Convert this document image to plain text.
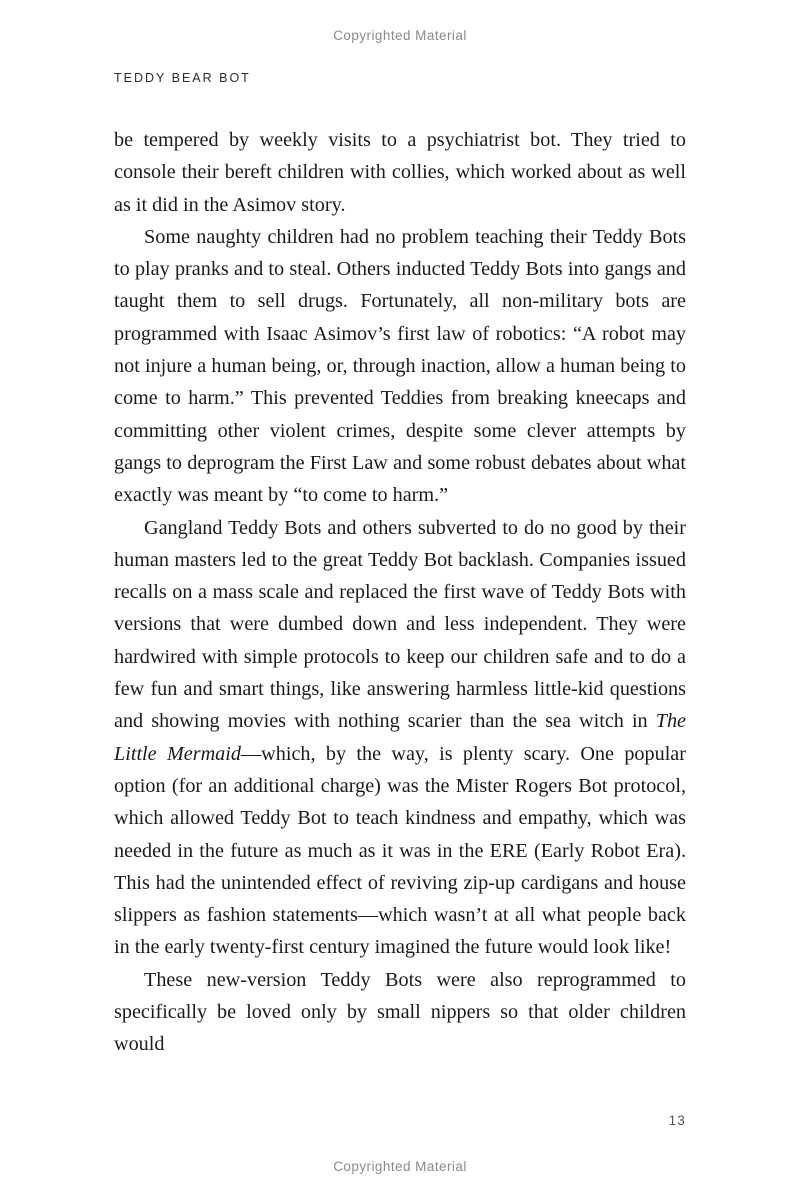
Copyrighted Material
TEDDY BEAR BOT

be tempered by weekly visits to a psychiatrist bot. They tried to console their bereft children with collies, which worked about as well as it did in the Asimov story.

Some naughty children had no problem teaching their Teddy Bots to play pranks and to steal. Others inducted Teddy Bots into gangs and taught them to sell drugs. Fortunately, all non-military bots are programmed with Isaac Asimov’s first law of robotics: “A robot may not injure a human being, or, through inaction, allow a human being to come to harm.” This prevented Teddies from breaking kneecaps and committing other violent crimes, despite some clever attempts by gangs to deprogram the First Law and some robust debates about what exactly was meant by “to come to harm.”

Gangland Teddy Bots and others subverted to do no good by their human masters led to the great Teddy Bot backlash. Companies issued recalls on a mass scale and replaced the first wave of Teddy Bots with versions that were dumbed down and less independent. They were hardwired with simple protocols to keep our children safe and to do a few fun and smart things, like answering harmless little-kid questions and showing movies with nothing scarier than the sea witch in The Little Mermaid—which, by the way, is plenty scary. One popular option (for an additional charge) was the Mister Rogers Bot protocol, which allowed Teddy Bot to teach kindness and empathy, which was needed in the future as much as it was in the ERE (Early Robot Era). This had the unintended effect of reviving zip-up cardigans and house slippers as fashion statements—which wasn’t at all what people back in the early twenty-first century imagined the future would look like!

These new-version Teddy Bots were also reprogrammed to specifically be loved only by small nippers so that older children would

13
Copyrighted Material
